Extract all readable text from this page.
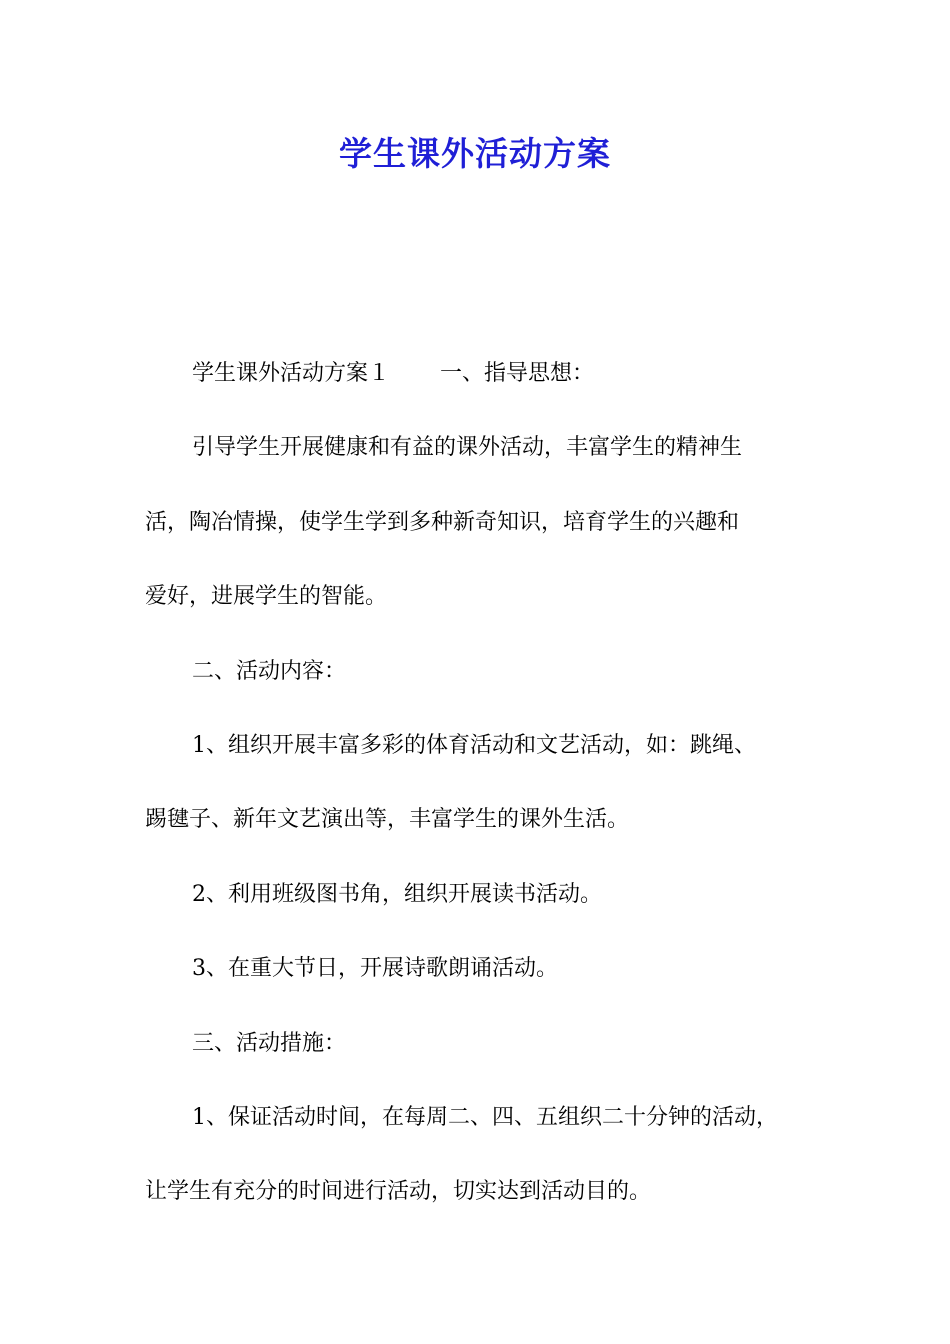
学生课外活动方案
学生课外活动方案１ 一、指导思想：
引导学生开展健康和有益的课外活动，丰富学生的精神生
活，陶冶情操，使学生学到多种新奇知识，培育学生的兴趣和
爱好，进展学生的智能。
二、活动内容：
1、组织开展丰富多彩的体育活动和文艺活动，如：跳绳、
踢毽子、新年文艺演出等，丰富学生的课外生活。
2、利用班级图书角，组织开展读书活动。
3、在重大节日，开展诗歌朗诵活动。
三、活动措施：
1、保证活动时间，在每周二、四、五组织二十分钟的活动，
让学生有充分的时间进行活动，切实达到活动目的。
